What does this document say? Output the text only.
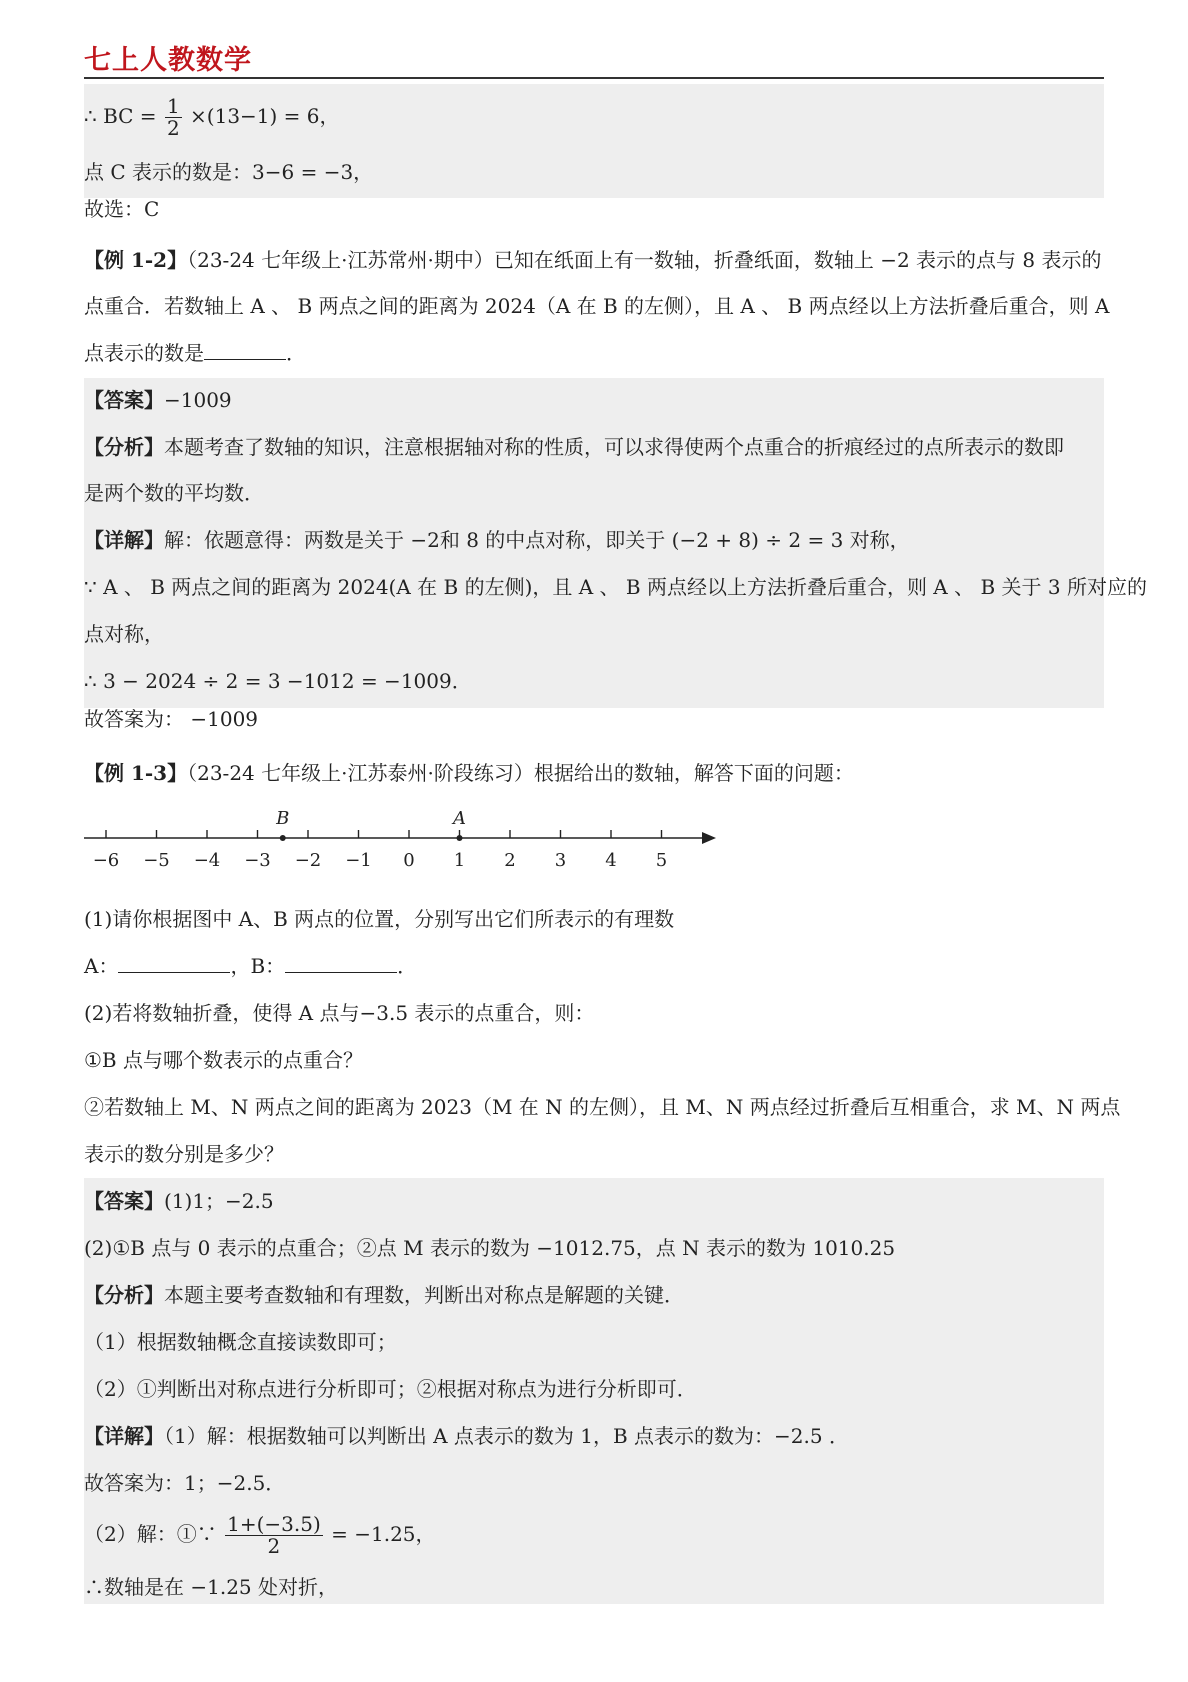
七上人教数学
∴ BC = $\frac{1}{2} \times(13-1) = 6$，
点 C 表示的数是：3−6 = −3，
故选：C
【例 1-2】（23-24 七年级上·江苏常州·期中）已知在纸面上有一数轴，折叠纸面，数轴上 −2 表示的点与 8 表示的
点重合．若数轴上 A 、 B 两点之间的距离为 2024（A 在 B 的左侧），且 A 、 B 两点经以上方法折叠后重合，则 A
点表示的数是	．
【答案】−1009
【分析】本题考查了数轴的知识，注意根据轴对称的性质，可以求得使两个点重合的折痕经过的点所表示的数即
是两个数的平均数．
【详解】解：依题意得：两数是关于 −2和 8 的中点对称，即关于 (−2 + 8) ÷ 2 = 3 对称，
∵ A 、 B 两点之间的距离为 2024(A 在 B 的左侧)，且 A 、 B 两点经以上方法折叠后重合，则 A 、 B 关于 3 所对应的
点对称，
∴ 3 − 2024 ÷ 2 = 3 −1012 = −1009．
故答案为： −1009
【例 1-3】（23-24 七年级上·江苏泰州·阶段练习）根据给出的数轴，解答下面的问题：
−6 −5 −4 −3 −2 −1 0 1 2 3 4 5
B	A
(1)请你根据图中 A、B 两点的位置，分别写出它们所表示的有理数
A：	，B：	．
(2)若将数轴折叠，使得 A 点与−3.5 表示的点重合，则：
①B 点与哪个数表示的点重合？
②若数轴上 M、N 两点之间的距离为 2023（M 在 N 的左侧），且 M、N 两点经过折叠后互相重合，求 M、N 两点
表示的数分别是多少？
【答案】(1)1；−2.5
(2)①B 点与 0 表示的点重合；②点 M 表示的数为 −1012.75，点 N 表示的数为 1010.25
【分析】本题主要考查数轴和有理数，判断出对称点是解题的关键．
（1）根据数轴概念直接读数即可；
（2）①判断出对称点进行分析即可；②根据对称点为进行分析即可．
【详解】（1）解：根据数轴可以判断出 A 点表示的数为 1，B 点表示的数为：−2.5 ．
故答案为：1；−2.5．
（2）解：①∵ $\frac{1+(-3.5)}{2} = -1.25$，
∴数轴是在 −1.25 处对折，
